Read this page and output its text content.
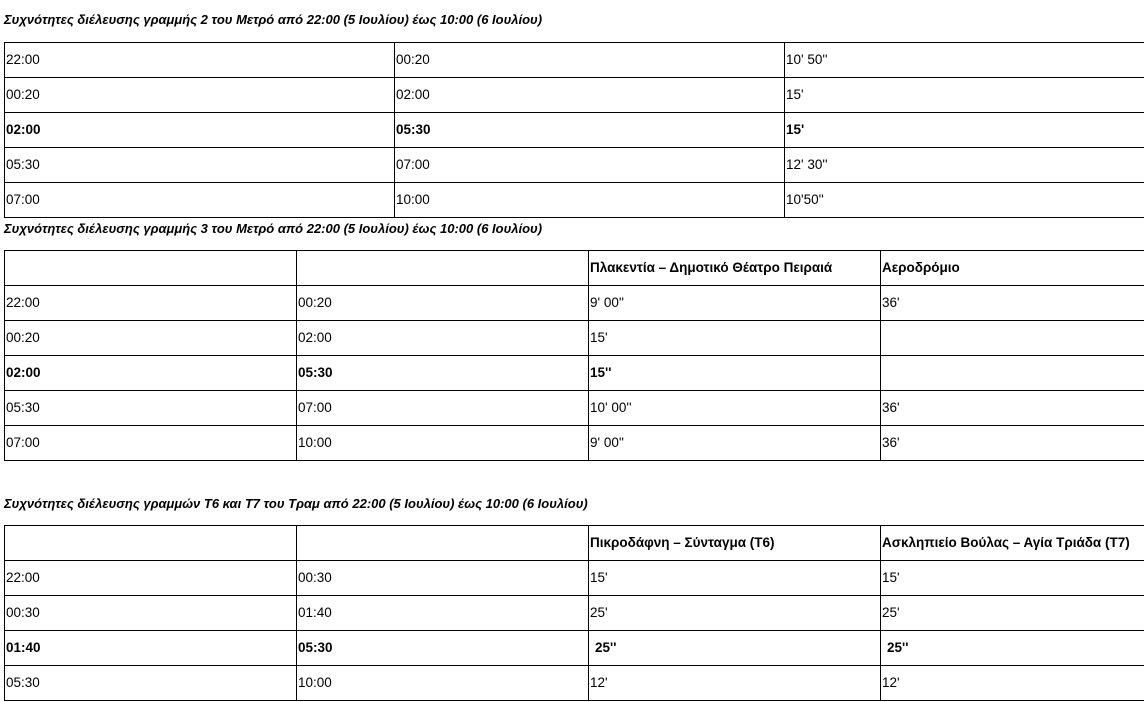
Συχνότητες διέλευσης γραμμής 2 του Μετρό από 22:00 (5 Ιουλίου) έως 10:00 (6 Ιουλίου)
22:00	00:20	10' 50''
00:20	02:00	15'
02:00	05:30	15'
05:30	07:00	12' 30''
07:00	10:00	10'50''
Συχνότητες διέλευσης γραμμής 3 του Μετρό από 22:00 (5 Ιουλίου) έως 10:00 (6 Ιουλίου)
		Πλακεντία – Δημοτικό Θέατρο Πειραιά	Αεροδρόμιο
22:00	00:20	9' 00''	36'
00:20	02:00	15'	
02:00	05:30	15''	
05:30	07:00	10' 00''	36'
07:00	10:00	9' 00''	36'
Συχνότητες διέλευσης γραμμών Τ6 και Τ7 του Τραμ από 22:00 (5 Ιουλίου) έως 10:00 (6 Ιουλίου)
		Πικροδάφνη – Σύνταγμα (Τ6)	Ασκληπιείο Βούλας – Αγία Τριάδα (Τ7)
22:00	00:30	15'	15'
00:30	01:40	25'	25'
01:40	05:30	25''	25''
05:30	10:00	12'	12'
